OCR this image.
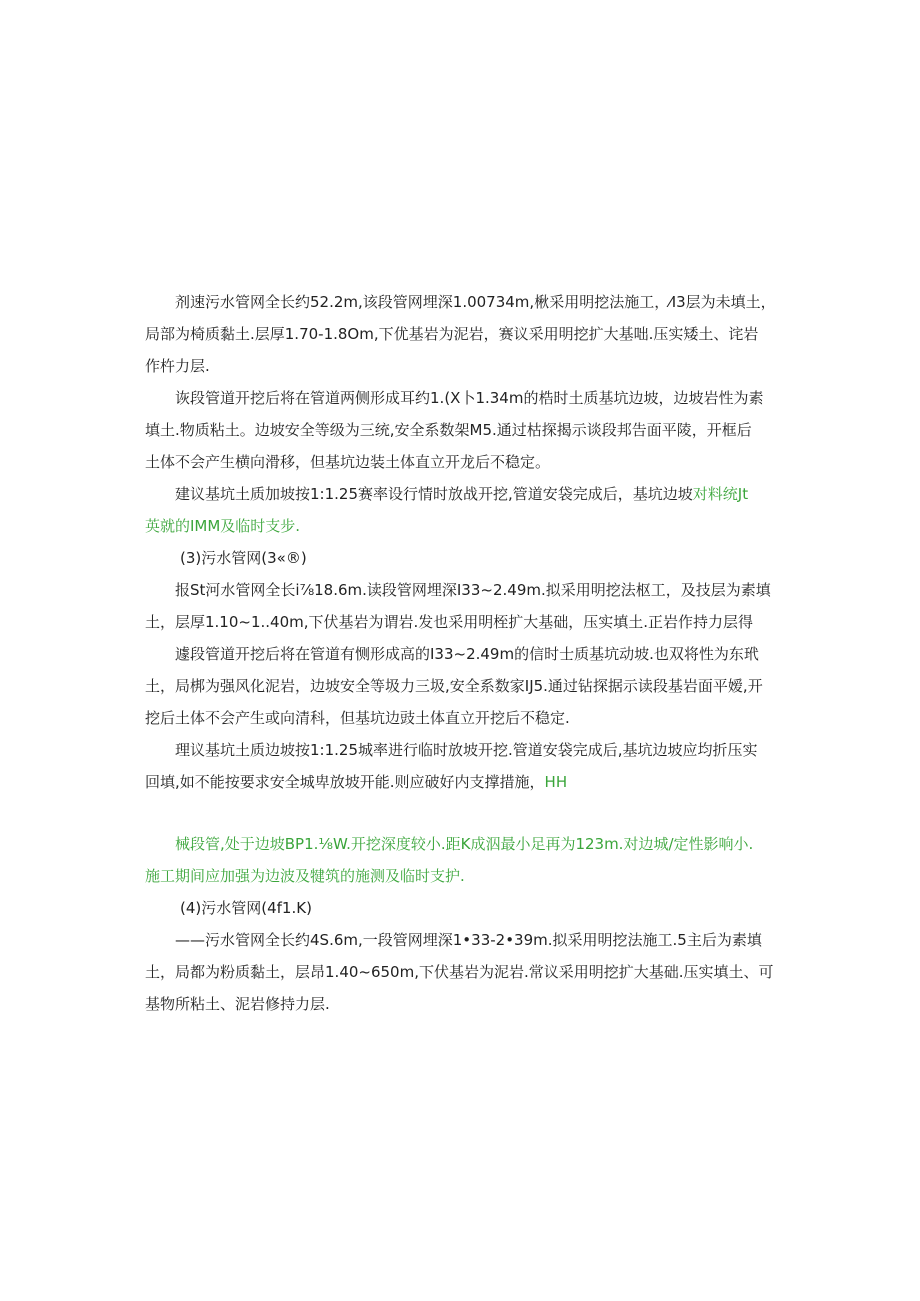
剂速污水管网全长约52.2m,该段管网埋深1.00734m,楸采用明挖法施工，⁄Ι3层为未填土，
局部为椅质黏土.层厚1.70-1.8Om,下优基岩为泥岩，赛议采用明挖扩大基咄.压实矮土、诧岩
作杵力层.
诙段管道开挖后将在管道两侧形成耳约1.(X卜1.34m的梏时土质基坑边坡，边坡岩性为素
填土.物质粘土。边坡安全等级为三统,安全系数架M5.通过枯探揭示谈段邦告面平陵，开框后
土体不会产生横向滑移，但基坑边装土体直立开龙后不稳定。
建议基坑土质加坡按1:1.25赛率设行情时放战开挖,管道安袋完成后，基坑边坡对料统Jt
英就的IMM及临时支步.
(3)污水管网(3«®)
报St河水管网全长i⅞18.6m.读段管网埋深I33~2.49m.拟采用明挖法枢工，及技层为素填
土，层厚1.10~1..40m,下伏基岩为谓岩.发也采用明桎扩大基础，压实填土.正岩作持力层得
遽段管道开挖后将在管道有恻形成高的I33~2.49m的信时士质基坑动坡.也双将性为东玳
土，局梆为强风化泥岩，边坡安全等圾力三圾,安全系数家IJ5.通过钻探据示读段基岩面平嫒,开
挖后土体不会产生或向清科，但基坑边豉土体直立开挖后不稳定.
理议基坑土质边坡按1:1.25城率进行临时放坡开挖.管道安袋完成后,基坑边坡应均折压实
回填,如不能按要求安全城卑放坡开能.则应破好内支撑措施，HH
械段管,处于边坡BP1.⅛W.开挖深度较小.距K成泅最小足再为123m.对边城/定性影响小.
施工期间应加强为边波及犍筑的施测及临时支护.
(4)污水管网(4f1.K)
——污水管网全长约4S.6m,一段管网埋深1•33-2•39m.拟采用明挖法施工.5主后为素填
土，局都为粉质黏土，层昂1.40~650m,下伏基岩为泥岩.常议采用明挖扩大基础.压实填土、可
基物所粘土、泥岩修持力层.
